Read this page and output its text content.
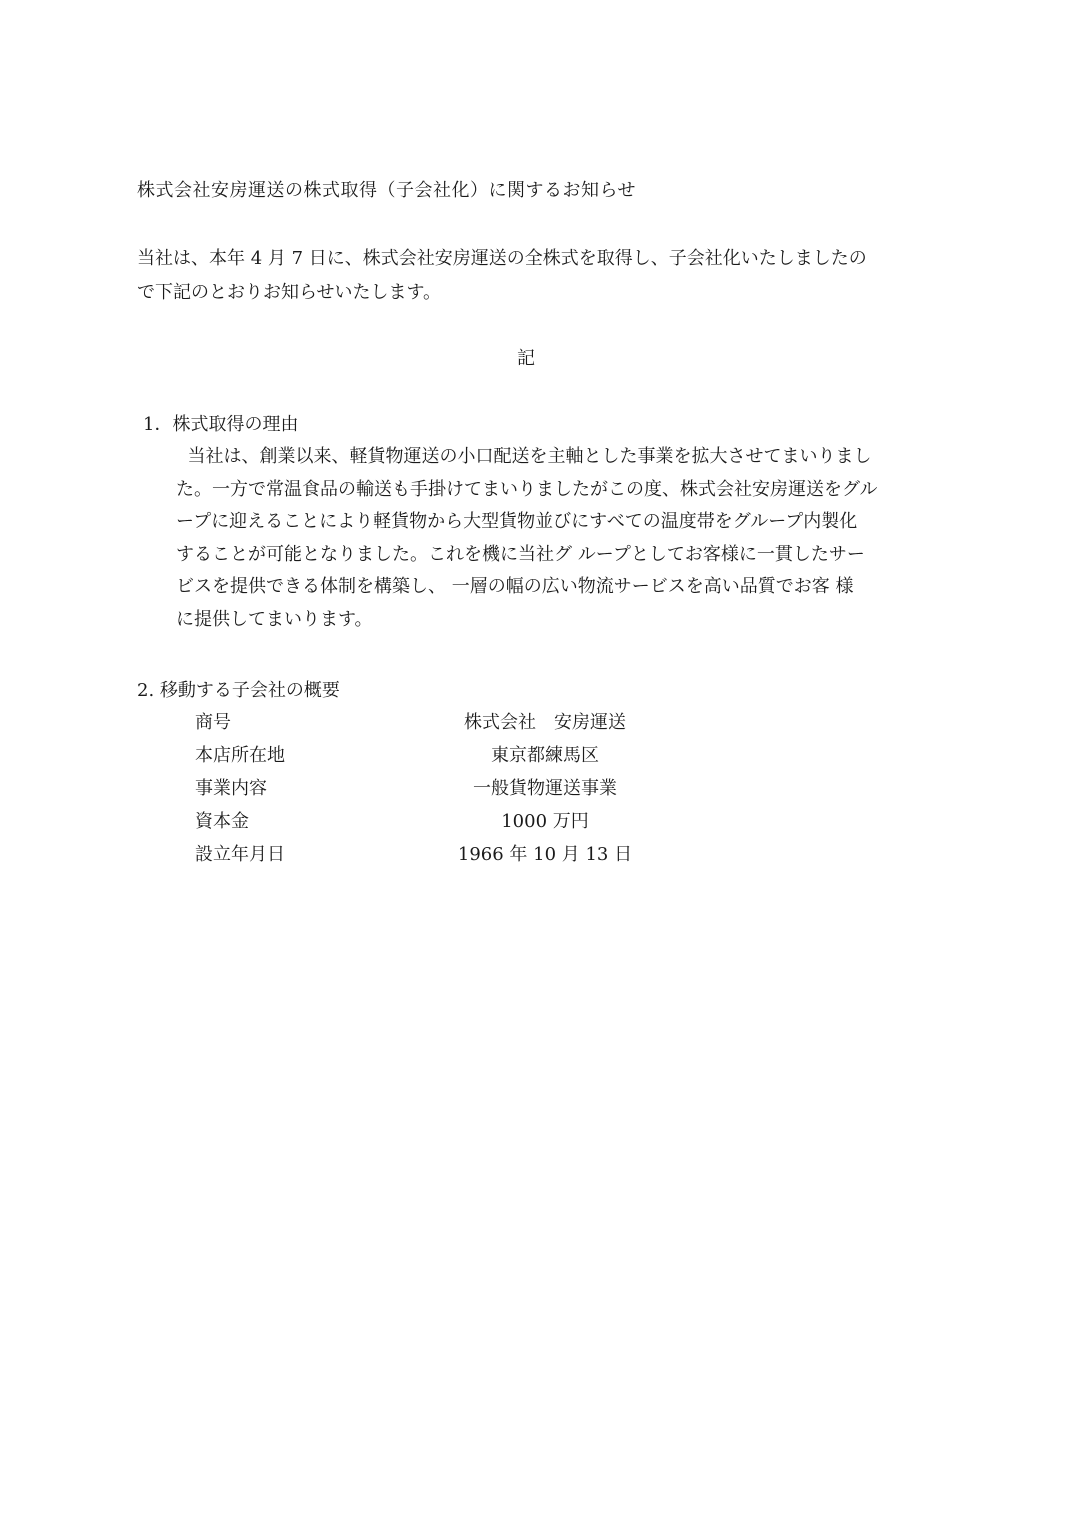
株式会社安房運送の株式取得（子会社化）に関するお知らせ
当社は、本年 4 月 7 日に、株式会社安房運送の全株式を取得し、子会社化いたしましたの
で下記のとおりお知らせいたします。
記
1．株式取得の理由
当社は、創業以来、軽貨物運送の小口配送を主軸とした事業を拡大させてまいりまし
た。一方で常温食品の輸送も手掛けてまいりましたがこの度、株式会社安房運送をグル
ープに迎えることにより軽貨物から大型貨物並びにすべての温度帯をグループ内製化
することが可能となりました。これを機に当社グ ループとしてお客様に一貫したサー
ビスを提供できる体制を構築し、 一層の幅の広い物流サービスを高い品質でお客 様
に提供してまいります。
2. 移動する子会社の概要
商号	株式会社　安房運送
本店所在地	東京都練馬区
事業内容	一般貨物運送事業
資本金	1000 万円
設立年月日	1966 年 10 月 13 日
